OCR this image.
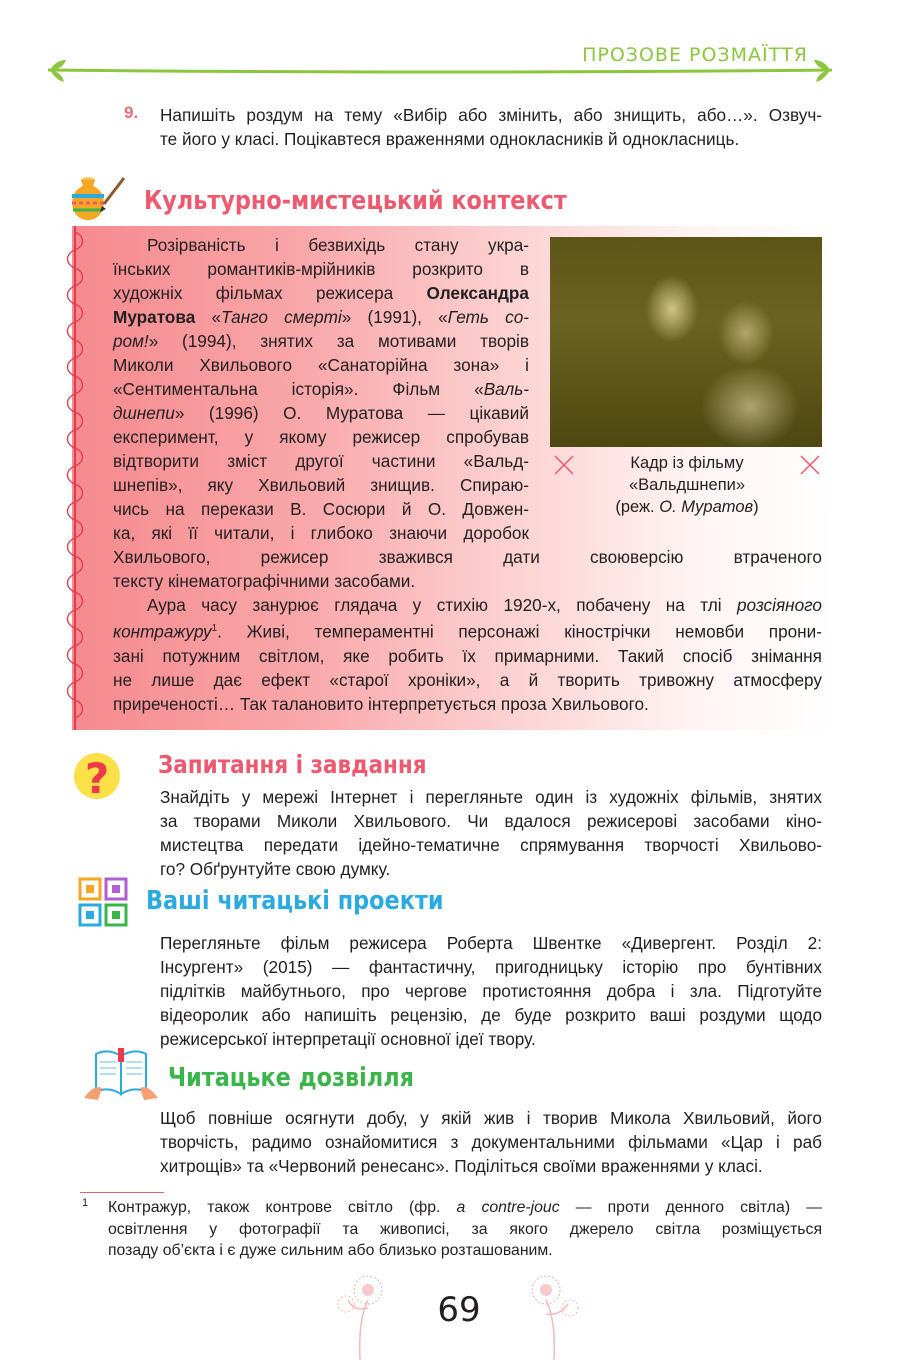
ПРОЗОВЕ РОЗМАЇТТЯ
9. Напишіть роздум на тему «Вибір або змінить, або знищить, або…». Озвуч-
те його у класі. Поцікавтеся враженнями однокласників й однокласниць.
Культурно-мистецький контекст
Розірваність і безвихідь стану укра-
їнських романтиків-мрійників розкрито в
художніх фільмах режисера Олександра
Муратова «Танго смерті» (1991), «Геть со-
ром!» (1994), знятих за мотивами творів
Миколи Хвильового «Санаторійна зона» і
«Сентиментальна історія». Фільм «Валь-
дшнепи» (1996) О. Муратова — цікавий
експеримент, у якому режисер спробував
відтворити зміст другої частини «Вальд-
шнепів», яку Хвильовий знищив. Спираю-
чись на перекази В. Сосюри й О. Довжен-
ка, які її читали, і глибоко знаючи доробок
Хвильового, режисер зважився дати своюверсію втраченого
тексту кінематографічними засобами.
Аура часу занурює глядача у стихію 1920-х, побачену на тлі розсіяного
контражуру$^1$. Живі, темпераментні персонажі кінострічки немовби прони-
зані потужним світлом, яке робить їх примарними. Такий спосіб знімання
не лише дає ефект «старої хроніки», а й творить тривожну атмосферу
приреченості… Так талановито інтерпретується проза Хвильового.
Кадр із фільму
«Вальдшнепи»
(реж. О. Муратов)
? Запитання і завдання
Знайдіть у мережі Інтернет і перегляньте один із художніх фільмів, знятих
за творами Миколи Хвильового. Чи вдалося режисерові засобами кіно-
мистецтва передати ідейно-тематичне спрямування творчості Хвильово-
го? Обґрунтуйте свою думку.
Ваші читацькі проекти
Перегляньте фільм режисера Роберта Швентке «Дивергент. Розділ 2:
Інсургент» (2015) — фантастичну, пригодницьку історію про бунтівних
підлітків майбутнього, про чергове протистояння добра і зла. Підготуйте
відеоролик або напишіть рецензію, де буде розкрито ваші роздуми щодо
режисерської інтерпретації основної ідеї твору.
Читацьке дозвілля
Щоб повніше осягнути добу, у якій жив і творив Микола Хвильовий, його
творчість, радимо ознайомитися з документальними фільмами «Цар і раб
хитрощів» та «Червоний ренесанс». Поділіться своїми враженнями у класі.
1 Контражур, також контрове світло (фр. a contre-jouc — проти денного світла) —
освітлення у фотографії та живописі, за якого джерело світла розміщується
позаду об’єкта і є дуже сильним або близько розташованим.
69
